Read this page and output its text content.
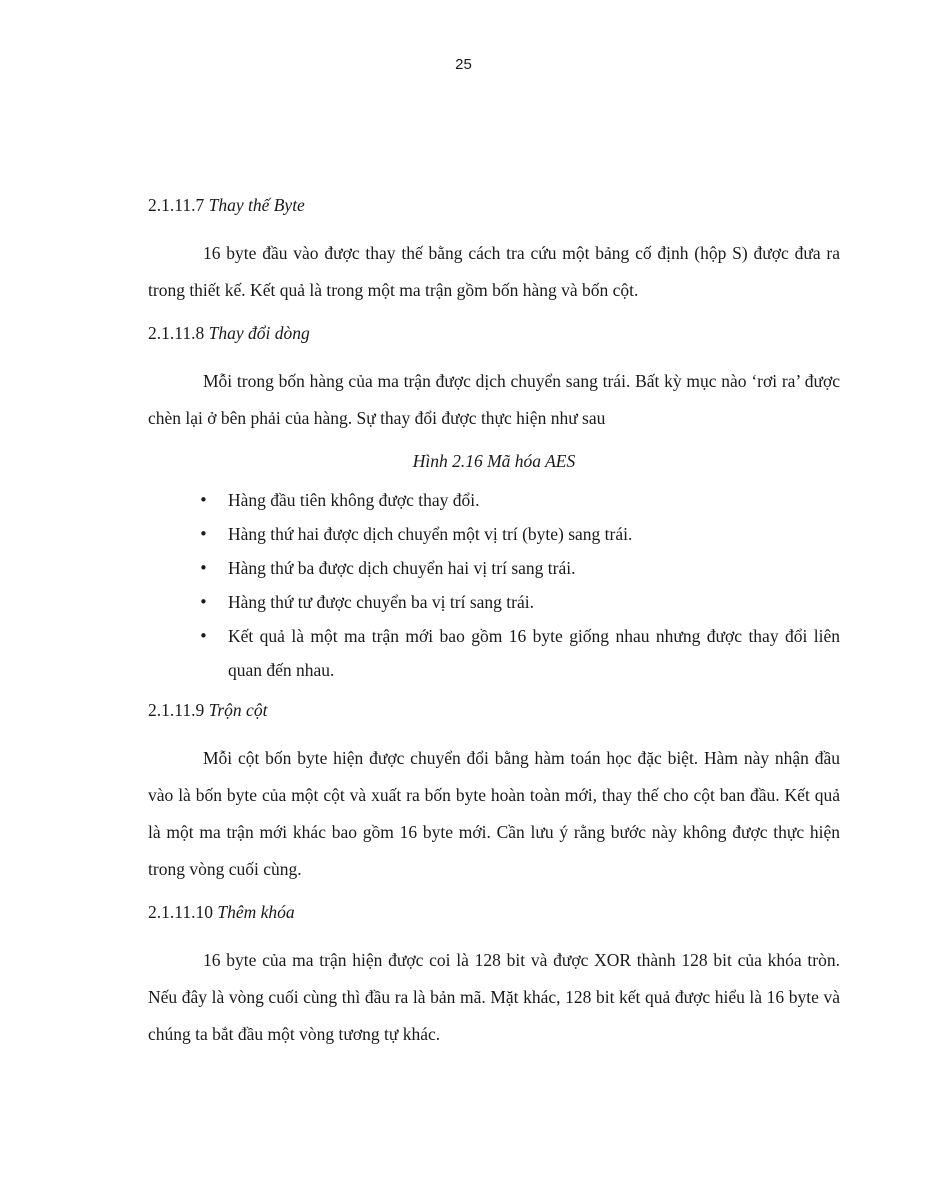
25
2.1.11.7 Thay thế Byte

16 byte đầu vào được thay thế bằng cách tra cứu một bảng cố định (hộp S) được đưa ra trong thiết kế. Kết quả là trong một ma trận gồm bốn hàng và bốn cột.

2.1.11.8 Thay đổi dòng

Mỗi trong bốn hàng của ma trận được dịch chuyển sang trái. Bất kỳ mục nào ‘rơi ra’ được chèn lại ở bên phải của hàng. Sự thay đổi được thực hiện như sau

Hình 2.16 Mã hóa AES
• Hàng đầu tiên không được thay đổi.
• Hàng thứ hai được dịch chuyển một vị trí (byte) sang trái.
• Hàng thứ ba được dịch chuyển hai vị trí sang trái.
• Hàng thứ tư được chuyển ba vị trí sang trái.
• Kết quả là một ma trận mới bao gồm 16 byte giống nhau nhưng được thay đổi liên quan đến nhau.
2.1.11.9 Trộn cột

Mỗi cột bốn byte hiện được chuyển đổi bằng hàm toán học đặc biệt. Hàm này nhận đầu vào là bốn byte của một cột và xuất ra bốn byte hoàn toàn mới, thay thế cho cột ban đầu. Kết quả là một ma trận mới khác bao gồm 16 byte mới. Cần lưu ý rằng bước này không được thực hiện trong vòng cuối cùng.

2.1.11.10 Thêm khóa

16 byte của ma trận hiện được coi là 128 bit và được XOR thành 128 bit của khóa tròn. Nếu đây là vòng cuối cùng thì đầu ra là bản mã. Mặt khác, 128 bit kết quả được hiểu là 16 byte và chúng ta bắt đầu một vòng tương tự khác.
